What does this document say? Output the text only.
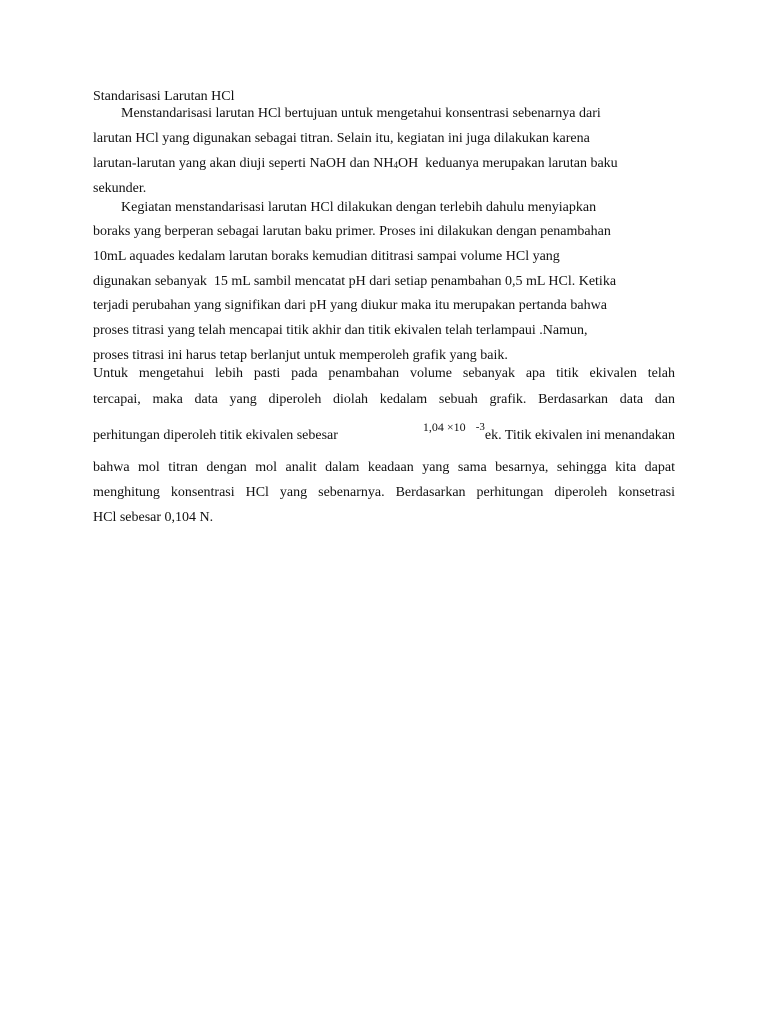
Standarisasi Larutan HCl
Menstandarisasi larutan HCl bertujuan untuk mengetahui konsentrasi sebenarnya dari
larutan HCl yang digunakan sebagai titran. Selain itu, kegiatan ini juga dilakukan karena
larutan-larutan yang akan diuji seperti NaOH dan $NH_4OH$  keduanya merupakan larutan baku
sekunder.
Kegiatan menstandarisasi larutan HCl dilakukan dengan terlebih dahulu menyiapkan
boraks yang berperan sebagai larutan baku primer. Proses ini dilakukan dengan penambahan
10mL aquades kedalam larutan boraks kemudian dititrasi sampai volume HCl yang
digunakan sebanyak  15 mL sambil mencatat pH dari setiap penambahan 0,5 mL HCl. Ketika
terjadi perubahan yang signifikan dari pH yang diukur maka itu merupakan pertanda bahwa
proses titrasi yang telah mencapai titik akhir dan titik ekivalen telah terlampaui .Namun,
proses titrasi ini harus tetap berlanjut untuk memperoleh grafik yang baik.
Untuk mengetahui lebih pasti pada penambahan volume sebanyak apa titik ekivalen telah
tercapai, maka data yang diperoleh diolah kedalam sebuah grafik. Berdasarkan data dan
perhitungan diperoleh titik ekivalen sebesar
1,04 ×10 $^{-3}$ek. Titik ekivalen ini menandakan
bahwa mol titran dengan mol analit dalam keadaan yang sama besarnya, sehingga kita dapat
menghitung konsentrasi HCl yang sebenarnya. Berdasarkan perhitungan diperoleh konsetrasi
HCl sebesar 0,104 N.
